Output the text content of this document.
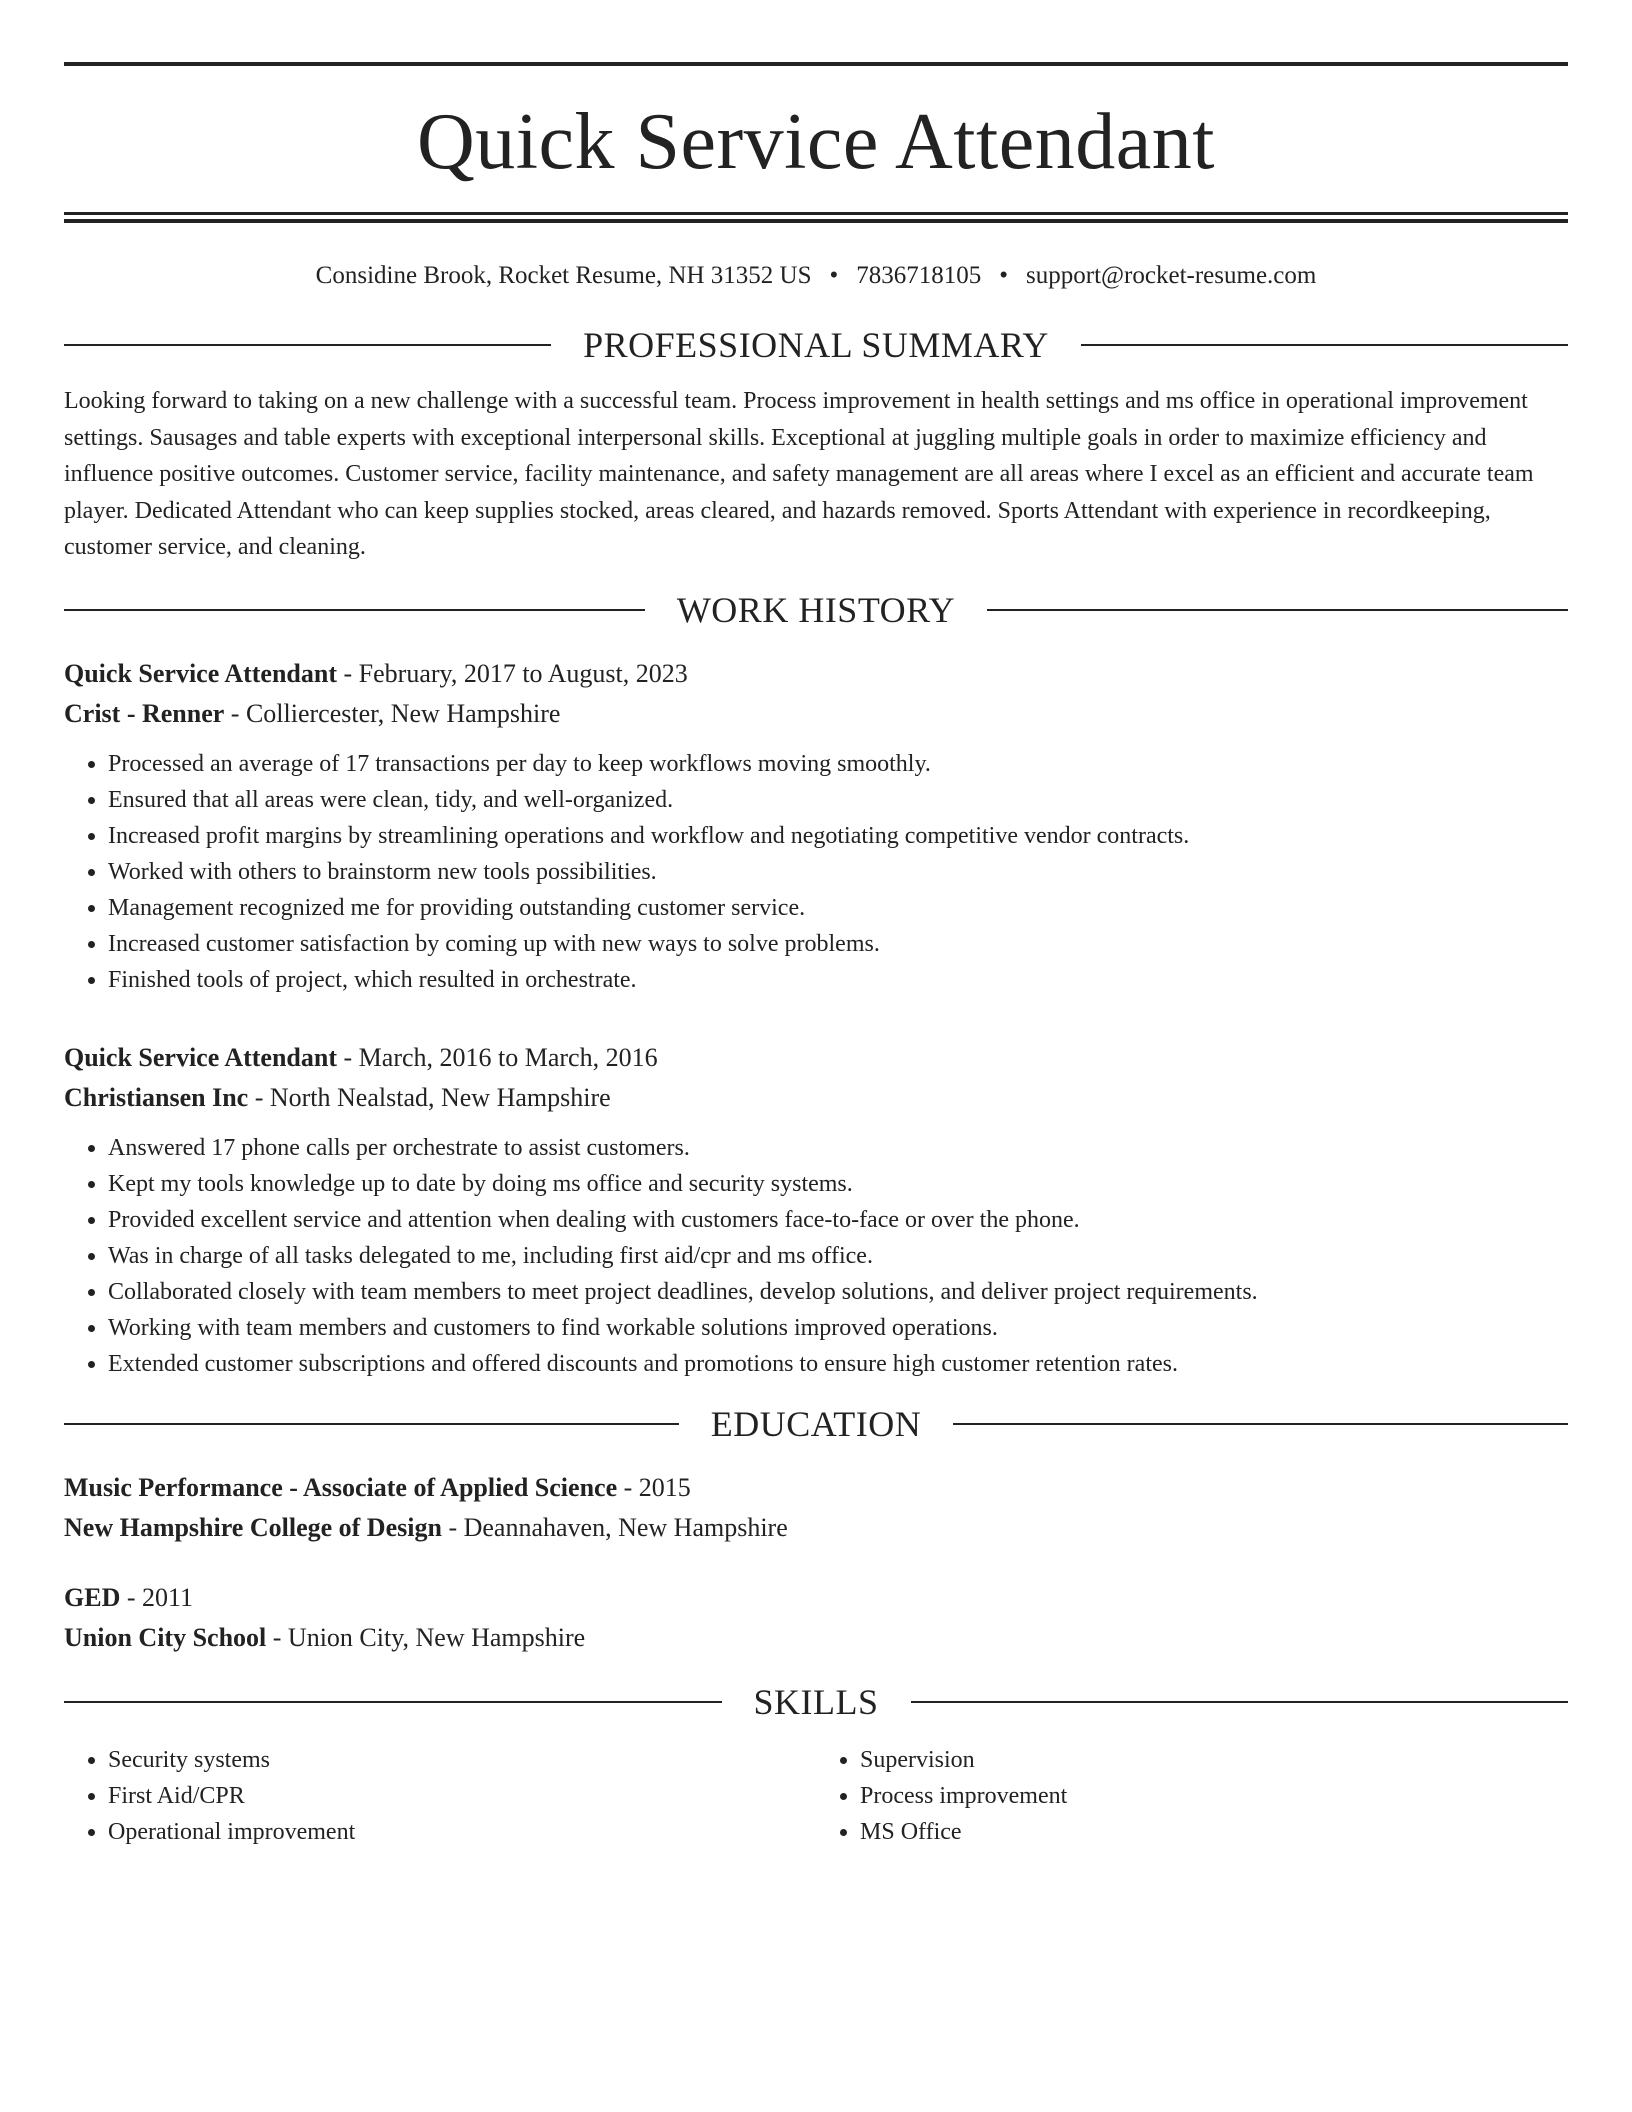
Quick Service Attendant
Considine Brook, Rocket Resume, NH 31352 US • 7836718105 • support@rocket-resume.com
PROFESSIONAL SUMMARY

Looking forward to taking on a new challenge with a successful team. Process improvement in health settings and ms office in operational improvement settings. Sausages and table experts with exceptional interpersonal skills. Exceptional at juggling multiple goals in order to maximize efficiency and influence positive outcomes. Customer service, facility maintenance, and safety management are all areas where I excel as an efficient and accurate team player. Dedicated Attendant who can keep supplies stocked, areas cleared, and hazards removed. Sports Attendant with experience in recordkeeping, customer service, and cleaning.

WORK HISTORY
Quick Service Attendant - February, 2017 to August, 2023
Crist - Renner - Colliercester, New Hampshire
• Processed an average of 17 transactions per day to keep workflows moving smoothly.
• Ensured that all areas were clean, tidy, and well-organized.
• Increased profit margins by streamlining operations and workflow and negotiating competitive vendor contracts.
• Worked with others to brainstorm new tools possibilities.
• Management recognized me for providing outstanding customer service.
• Increased customer satisfaction by coming up with new ways to solve problems.
• Finished tools of project, which resulted in orchestrate.
Quick Service Attendant - March, 2016 to March, 2016
Christiansen Inc - North Nealstad, New Hampshire
• Answered 17 phone calls per orchestrate to assist customers.
• Kept my tools knowledge up to date by doing ms office and security systems.
• Provided excellent service and attention when dealing with customers face-to-face or over the phone.
• Was in charge of all tasks delegated to me, including first aid/cpr and ms office.
• Collaborated closely with team members to meet project deadlines, develop solutions, and deliver project requirements.
• Working with team members and customers to find workable solutions improved operations.
• Extended customer subscriptions and offered discounts and promotions to ensure high customer retention rates.
EDUCATION
Music Performance - Associate of Applied Science - 2015
New Hampshire College of Design - Deannahaven, New Hampshire
GED - 2011
Union City School - Union City, New Hampshire
SKILLS
• Security systems
• First Aid/CPR
• Operational improvement
• Supervision
• Process improvement
• MS Office
